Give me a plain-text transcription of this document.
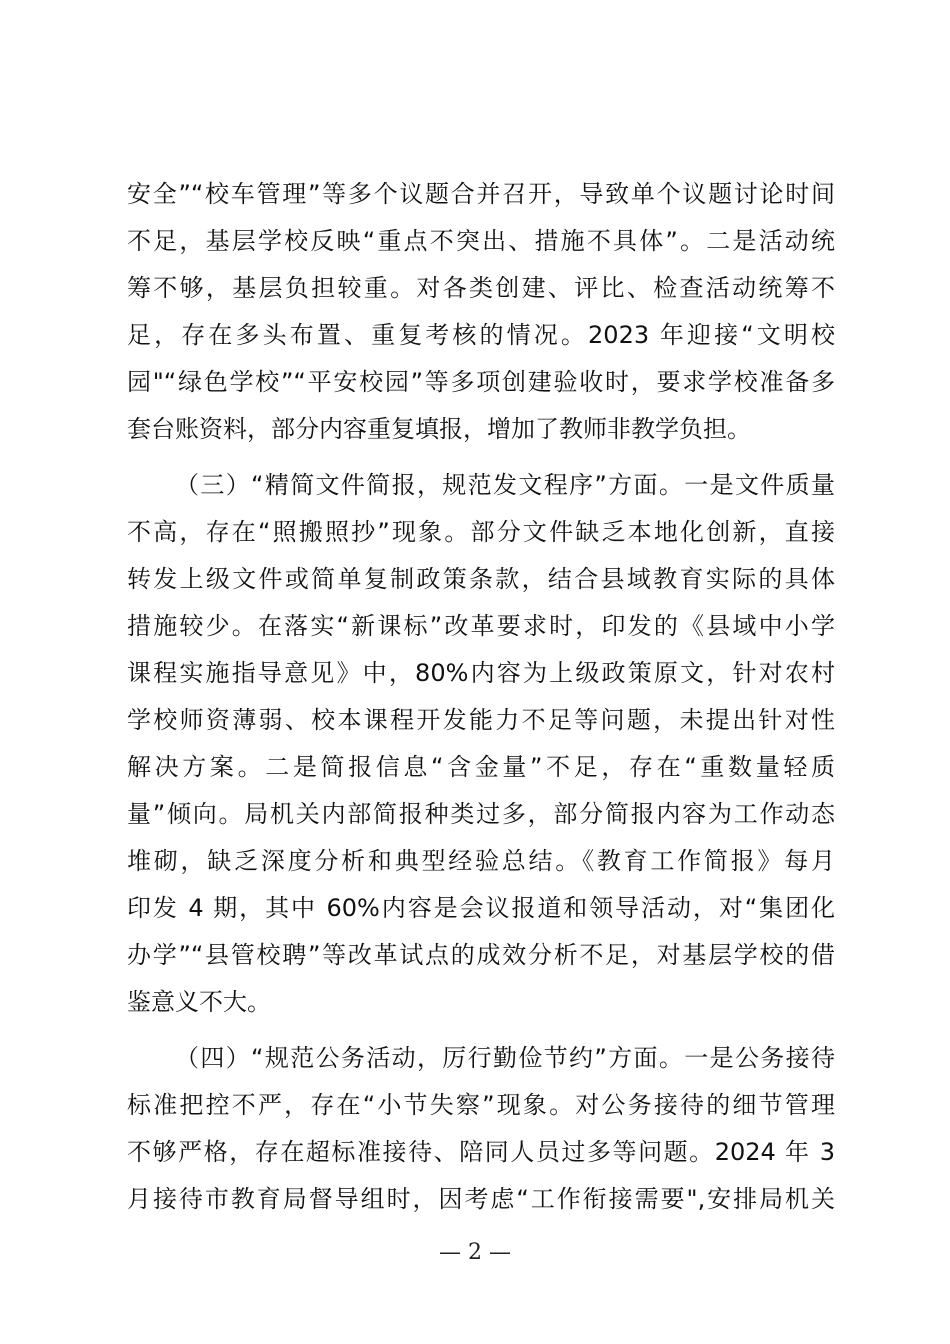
安全”“校车管理”等多个议题合并召开，导致单个议题讨论时间
不足，基层学校反映“重点不突出、措施不具体”。二是活动统
筹不够，基层负担较重。对各类创建、评比、检查活动统筹不
足，存在多头布置、重复考核的情况。2023 年迎接“文明校
园"“绿色学校”“平安校园”等多项创建验收时，要求学校准备多
套台账资料，部分内容重复填报，增加了教师非教学负担。
（三）“精简文件简报，规范发文程序”方面。一是文件质量
不高，存在“照搬照抄”现象。部分文件缺乏本地化创新，直接
转发上级文件或简单复制政策条款，结合县域教育实际的具体
措施较少。在落实“新课标”改革要求时，印发的《县域中小学
课程实施指导意见》中，80%内容为上级政策原文，针对农村
学校师资薄弱、校本课程开发能力不足等问题，未提出针对性
解决方案。二是简报信息“含金量”不足，存在“重数量轻质
量”倾向。局机关内部简报种类过多，部分简报内容为工作动态
堆砌，缺乏深度分析和典型经验总结。《教育工作简报》每月
印发 4 期，其中 60%内容是会议报道和领导活动，对“集团化
办学”“县管校聘”等改革试点的成效分析不足，对基层学校的借
鉴意义不大。
（四）“规范公务活动，厉行勤俭节约”方面。一是公务接待
标准把控不严，存在“小节失察”现象。对公务接待的细节管理
不够严格，存在超标准接待、陪同人员过多等问题。2024 年 3
月接待市教育局督导组时，因考虑“工作衔接需要",安排局机关
— 2 —
